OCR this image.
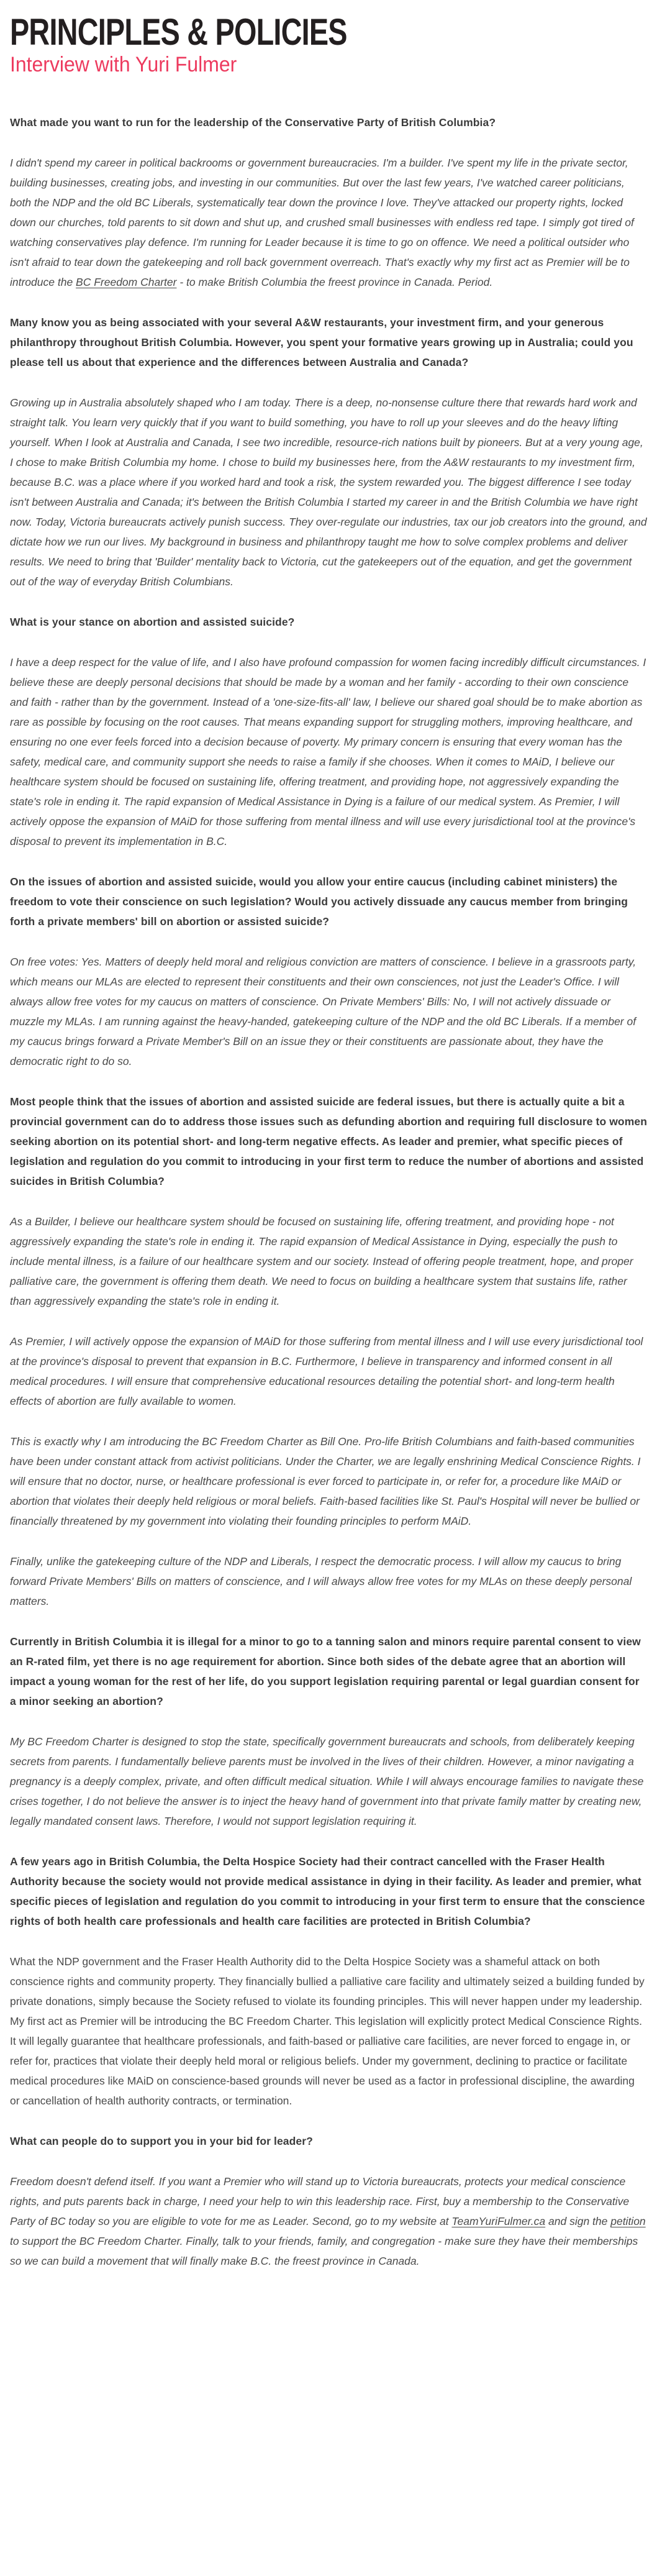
PRINCIPLES & POLICIES
Interview with Yuri Fulmer

What made you want to run for the leadership of the Conservative Party of British Columbia?

I didn't spend my career in political backrooms or government bureaucracies. I'm a builder. I've spent my life in the private sector, building businesses, creating jobs, and investing in our communities. But over the last few years, I've watched career politicians, both the NDP and the old BC Liberals, systematically tear down the province I love. They've attacked our property rights, locked down our churches, told parents to sit down and shut up, and crushed small businesses with endless red tape. I simply got tired of watching conservatives play defence. I'm running for Leader because it is time to go on offence. We need a political outsider who isn't afraid to tear down the gatekeeping and roll back government overreach. That's exactly why my first act as Premier will be to introduce the BC Freedom Charter - to make British Columbia the freest province in Canada. Period.

Many know you as being associated with your several A&W restaurants, your investment firm, and your generous philanthropy throughout British Columbia. However, you spent your formative years growing up in Australia; could you please tell us about that experience and the differences between Australia and Canada?

Growing up in Australia absolutely shaped who I am today. There is a deep, no-nonsense culture there that rewards hard work and straight talk. You learn very quickly that if you want to build something, you have to roll up your sleeves and do the heavy lifting yourself. When I look at Australia and Canada, I see two incredible, resource-rich nations built by pioneers. But at a very young age, I chose to make British Columbia my home. I chose to build my businesses here, from the A&W restaurants to my investment firm, because B.C. was a place where if you worked hard and took a risk, the system rewarded you. The biggest difference I see today isn't between Australia and Canada; it's between the British Columbia I started my career in and the British Columbia we have right now. Today, Victoria bureaucrats actively punish success. They over-regulate our industries, tax our job creators into the ground, and dictate how we run our lives. My background in business and philanthropy taught me how to solve complex problems and deliver results. We need to bring that 'Builder' mentality back to Victoria, cut the gatekeepers out of the equation, and get the government out of the way of everyday British Columbians.

What is your stance on abortion and assisted suicide?

I have a deep respect for the value of life, and I also have profound compassion for women facing incredibly difficult circumstances. I believe these are deeply personal decisions that should be made by a woman and her family - according to their own conscience and faith - rather than by the government. Instead of a 'one-size-fits-all' law, I believe our shared goal should be to make abortion as rare as possible by focusing on the root causes. That means expanding support for struggling mothers, improving healthcare, and ensuring no one ever feels forced into a decision because of poverty. My primary concern is ensuring that every woman has the safety, medical care, and community support she needs to raise a family if she chooses. When it comes to MAiD, I believe our healthcare system should be focused on sustaining life, offering treatment, and providing hope, not aggressively expanding the state's role in ending it. The rapid expansion of Medical Assistance in Dying is a failure of our medical system. As Premier, I will actively oppose the expansion of MAiD for those suffering from mental illness and will use every jurisdictional tool at the province's disposal to prevent its implementation in B.C.

On the issues of abortion and assisted suicide, would you allow your entire caucus (including cabinet ministers) the freedom to vote their conscience on such legislation? Would you actively dissuade any caucus member from bringing forth a private members' bill on abortion or assisted suicide?

On free votes: Yes. Matters of deeply held moral and religious conviction are matters of conscience. I believe in a grassroots party, which means our MLAs are elected to represent their constituents and their own consciences, not just the Leader's Office. I will always allow free votes for my caucus on matters of conscience. On Private Members' Bills: No, I will not actively dissuade or muzzle my MLAs. I am running against the heavy-handed, gatekeeping culture of the NDP and the old BC Liberals. If a member of my caucus brings forward a Private Member's Bill on an issue they or their constituents are passionate about, they have the democratic right to do so.

Most people think that the issues of abortion and assisted suicide are federal issues, but there is actually quite a bit a provincial government can do to address those issues such as defunding abortion and requiring full disclosure to women seeking abortion on its potential short- and long-term negative effects. As leader and premier, what specific pieces of legislation and regulation do you commit to introducing in your first term to reduce the number of abortions and assisted suicides in British Columbia?

As a Builder, I believe our healthcare system should be focused on sustaining life, offering treatment, and providing hope - not aggressively expanding the state's role in ending it. The rapid expansion of Medical Assistance in Dying, especially the push to include mental illness, is a failure of our healthcare system and our society. Instead of offering people treatment, hope, and proper palliative care, the government is offering them death. We need to focus on building a healthcare system that sustains life, rather than aggressively expanding the state's role in ending it.

As Premier, I will actively oppose the expansion of MAiD for those suffering from mental illness and I will use every jurisdictional tool at the province's disposal to prevent that expansion in B.C. Furthermore, I believe in transparency and informed consent in all medical procedures. I will ensure that comprehensive educational resources detailing the potential short- and long-term health effects of abortion are fully available to women.

This is exactly why I am introducing the BC Freedom Charter as Bill One. Pro-life British Columbians and faith-based communities have been under constant attack from activist politicians. Under the Charter, we are legally enshrining Medical Conscience Rights. I will ensure that no doctor, nurse, or healthcare professional is ever forced to participate in, or refer for, a procedure like MAiD or abortion that violates their deeply held religious or moral beliefs. Faith-based facilities like St. Paul's Hospital will never be bullied or financially threatened by my government into violating their founding principles to perform MAiD.

Finally, unlike the gatekeeping culture of the NDP and Liberals, I respect the democratic process. I will allow my caucus to bring forward Private Members' Bills on matters of conscience, and I will always allow free votes for my MLAs on these deeply personal matters.

Currently in British Columbia it is illegal for a minor to go to a tanning salon and minors require parental consent to view an R-rated film, yet there is no age requirement for abortion. Since both sides of the debate agree that an abortion will impact a young woman for the rest of her life, do you support legislation requiring parental or legal guardian consent for a minor seeking an abortion?

My BC Freedom Charter is designed to stop the state, specifically government bureaucrats and schools, from deliberately keeping secrets from parents. I fundamentally believe parents must be involved in the lives of their children. However, a minor navigating a pregnancy is a deeply complex, private, and often difficult medical situation. While I will always encourage families to navigate these crises together, I do not believe the answer is to inject the heavy hand of government into that private family matter by creating new, legally mandated consent laws. Therefore, I would not support legislation requiring it.

A few years ago in British Columbia, the Delta Hospice Society had their contract cancelled with the Fraser Health Authority because the society would not provide medical assistance in dying in their facility. As leader and premier, what specific pieces of legislation and regulation do you commit to introducing in your first term to ensure that the conscience rights of both health care professionals and health care facilities are protected in British Columbia?

What the NDP government and the Fraser Health Authority did to the Delta Hospice Society was a shameful attack on both conscience rights and community property. They financially bullied a palliative care facility and ultimately seized a building funded by private donations, simply because the Society refused to violate its founding principles. This will never happen under my leadership. My first act as Premier will be introducing the BC Freedom Charter. This legislation will explicitly protect Medical Conscience Rights. It will legally guarantee that healthcare professionals, and faith-based or palliative care facilities, are never forced to engage in, or refer for, practices that violate their deeply held moral or religious beliefs. Under my government, declining to practice or facilitate medical procedures like MAiD on conscience-based grounds will never be used as a factor in professional discipline, the awarding or cancellation of health authority contracts, or termination.

What can people do to support you in your bid for leader?

Freedom doesn't defend itself. If you want a Premier who will stand up to Victoria bureaucrats, protects your medical conscience rights, and puts parents back in charge, I need your help to win this leadership race. First, buy a membership to the Conservative Party of BC today so you are eligible to vote for me as Leader. Second, go to my website at TeamYuriFulmer.ca and sign the petition to support the BC Freedom Charter. Finally, talk to your friends, family, and congregation - make sure they have their memberships so we can build a movement that will finally make B.C. the freest province in Canada.
